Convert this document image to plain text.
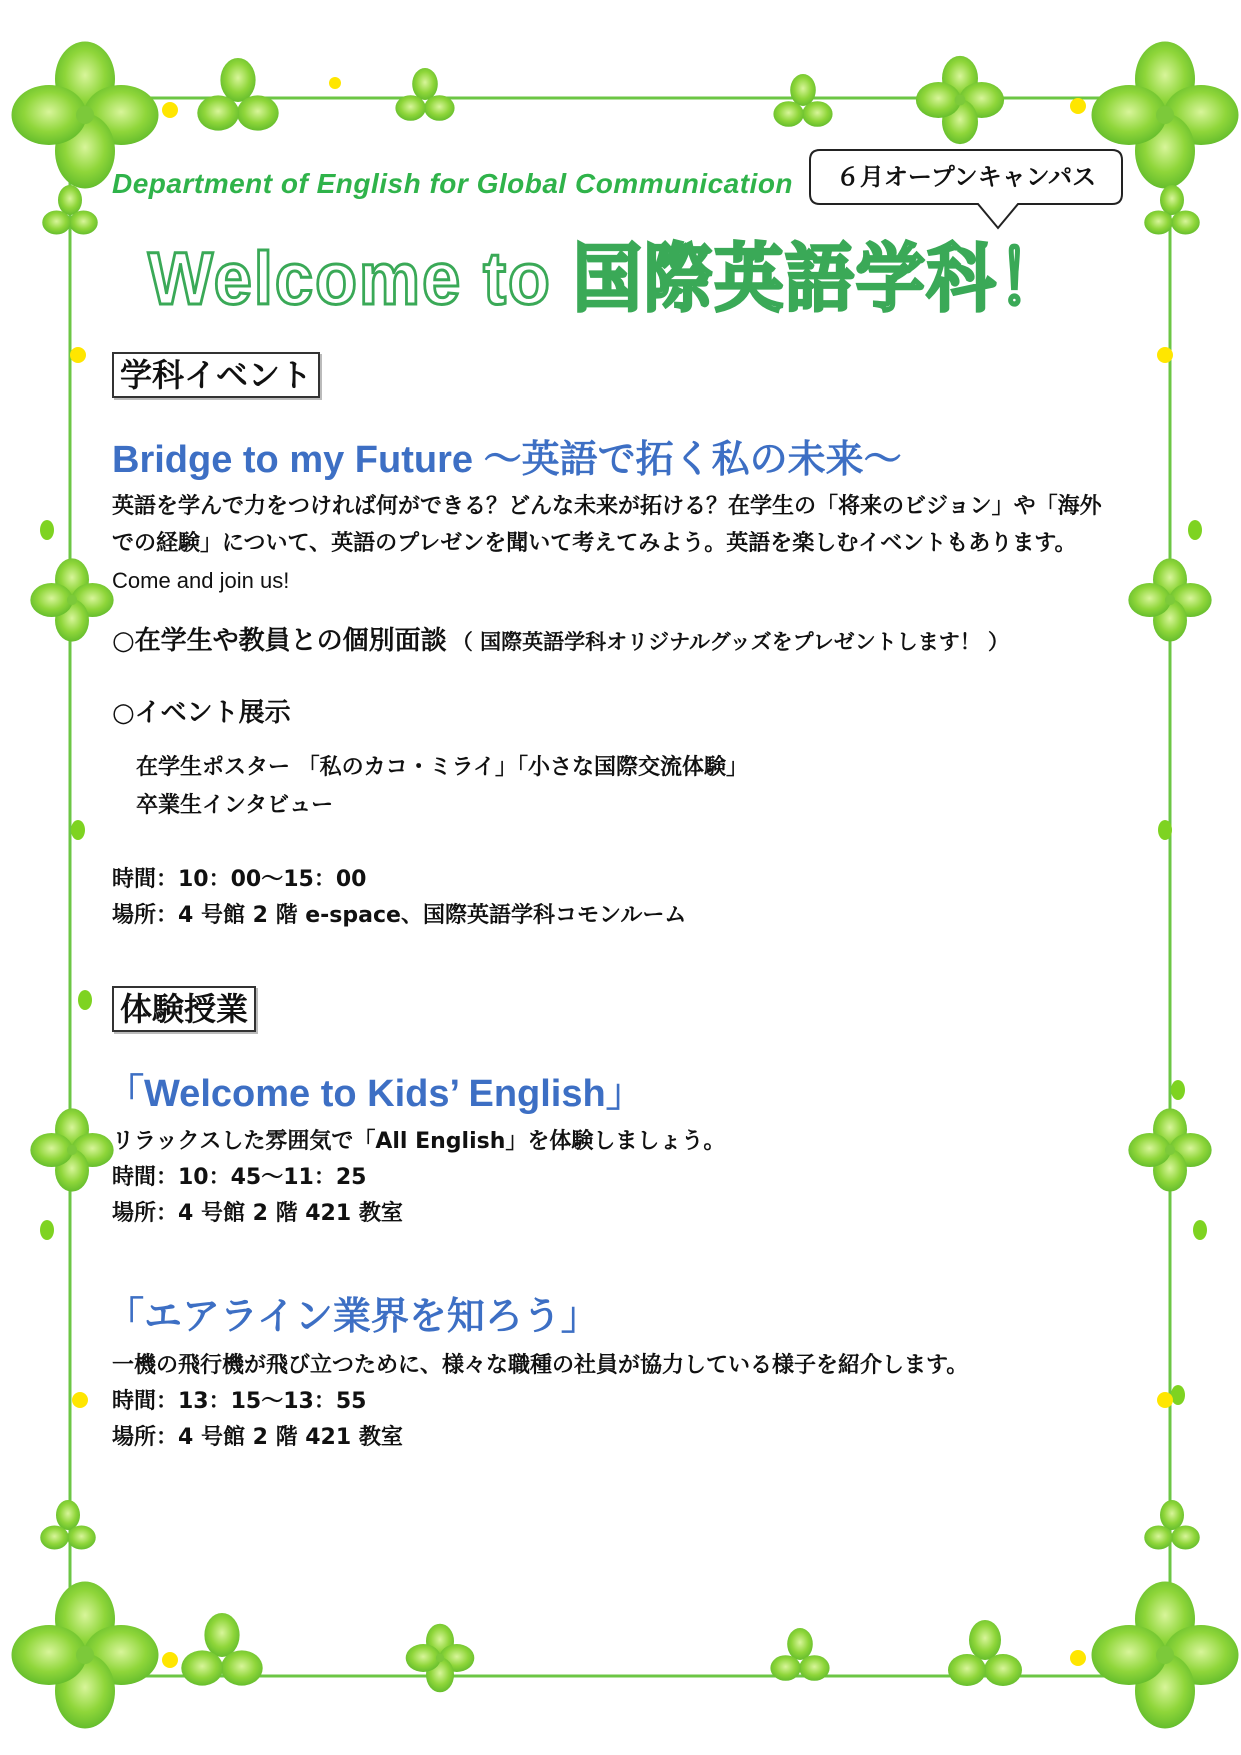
Department of English for Global Communication	６月オープンキャンパス
Welcome to 国際英語学科！
学科イベント
Bridge to my Future ～英語で拓く私の未来～
英語を学んで力をつければ何ができる？どんな未来が拓ける？在学生の「将来のビジョン」や「海外
での経験」について、英語のプレゼンを聞いて考えてみよう。英語を楽しむイベントもあります。
Come and join us!
○在学生や教員との個別面談 （ 国際英語学科オリジナルグッズをプレゼントします！ ）
○イベント展示
在学生ポスター 「私のカコ・ミライ」「小さな国際交流体験」
卒業生インタビュー
時間：10：00～15：00
場所：4 号館 2 階 e-space、国際英語学科コモンルーム
体験授業
「Welcome to Kids’ English」
リラックスした雰囲気で「All English」を体験しましょう。
時間：10：45～11：25
場所：4 号館 2 階 421 教室
「エアライン業界を知ろう」
一機の飛行機が飛び立つために、様々な職種の社員が協力している様子を紹介します。
時間：13：15～13：55
場所：4 号館 2 階 421 教室
